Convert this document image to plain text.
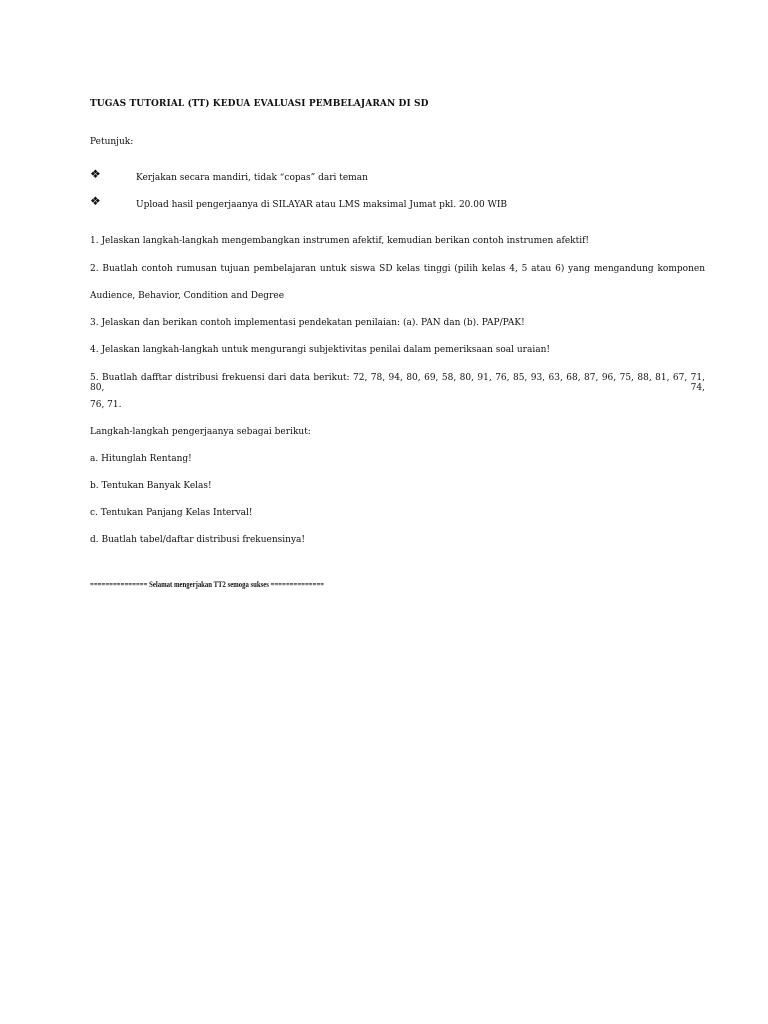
TUGAS TUTORIAL (TT) KEDUA EVALUASI PEMBELAJARAN DI SD
Petunjuk:
❖	Kerjakan secara mandiri, tidak “copas” dari teman
❖	Upload hasil pengerjaanya di SILAYAR atau LMS maksimal Jumat pkl. 20.00 WIB
1. Jelaskan langkah-langkah mengembangkan instrumen afektif, kemudian berikan contoh instrumen afektif!
2. Buatlah contoh rumusan tujuan pembelajaran untuk siswa SD kelas tinggi (pilih kelas 4, 5 atau 6) yang mengandung komponen
Audience, Behavior, Condition and Degree
3. Jelaskan dan berikan contoh implementasi pendekatan penilaian: (a). PAN dan (b). PAP/PAK!
4. Jelaskan langkah-langkah untuk mengurangi subjektivitas penilai dalam pemeriksaan soal uraian!
5. Buatlah dafftar distribusi frekuensi dari data berikut: 72, 78, 94, 80, 69, 58, 80, 91, 76, 85, 93, 63, 68, 87, 96, 75, 88, 81, 67, 71, 80, 74,
76, 71.
Langkah-langkah pengerjaanya sebagai berikut:
a. Hitunglah Rentang!
b. Tentukan Banyak Kelas!
c. Tentukan Panjang Kelas Interval!
d. Buatlah tabel/daftar distribusi frekuensinya!
=============== Selamat mengerjakan TT2 semoga sukses ==============
